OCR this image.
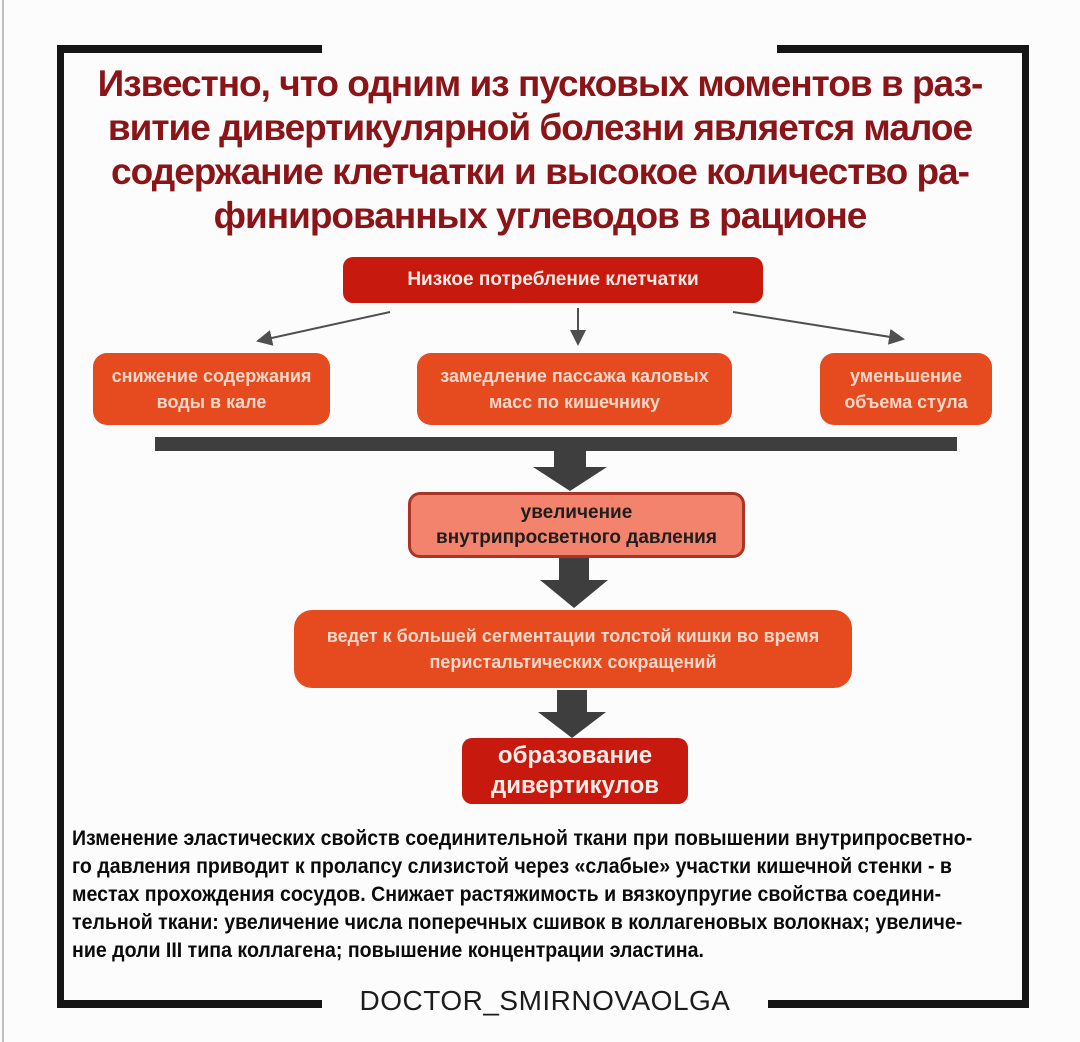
Известно, что одним из пусковых моментов в раз-
витие дивертикулярной болезни является малое
содержание клетчатки и высокое количество ра-
финированных углеводов в рационе
Низкое потребление клетчатки
снижение содержания
воды в кале
замедление пассажа каловых
масс по кишечнику
уменьшение
объема стула
увеличение
внутрипросветного давления
ведет к большей сегментации толстой кишки во время
перистальтических сокращений
образование
дивертикулов
Изменение эластических свойств соединительной ткани при повышении внутрипросветно-
го давления приводит к пролапсу слизистой через «слабые» участки кишечной стенки - в
местах прохождения сосудов. Снижает растяжимость и вязкоупругие свойства соедини-
тельной ткани: увеличение числа поперечных сшивок в коллагеновых волокнах; увеличе-
ние доли III типа коллагена; повышение концентрации эластина.
DOCTOR_SMIRNOVAOLGA
